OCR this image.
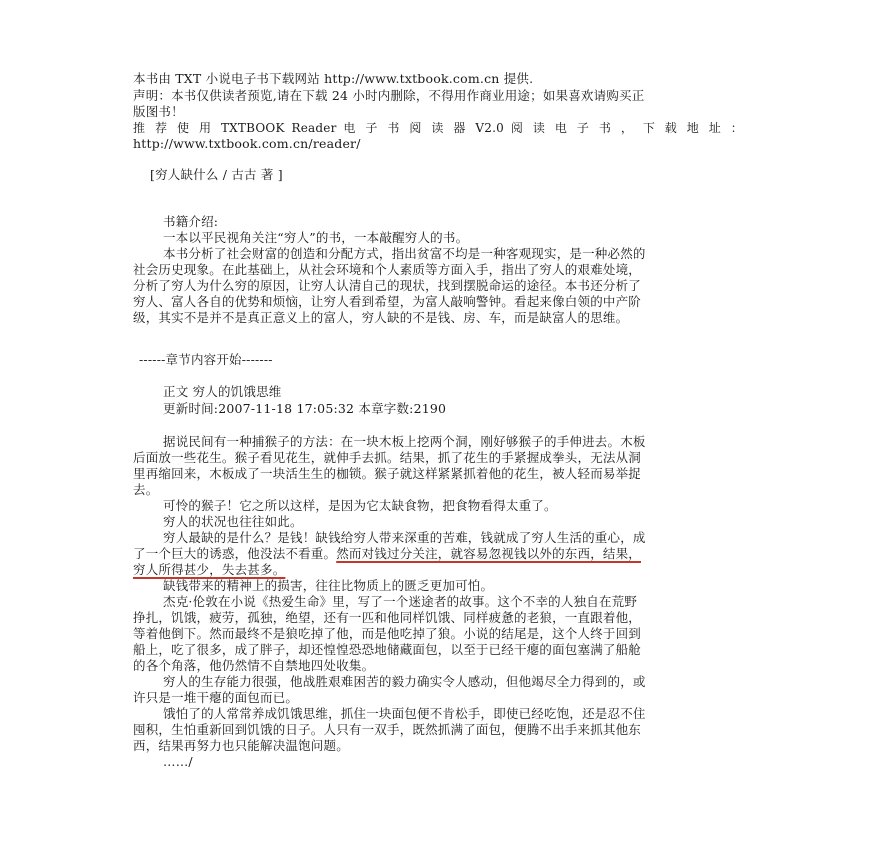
本书由 TXT 小说电子书下载网站 http://www.txtbook.com.cn 提供.
声明：本书仅供读者预览,请在下载 24 小时内删除，不得用作商业用途；如果喜欢请购买正
版图书！
推 荐 使 用 TXTBOOK Reader 电 子 书 阅 读 器 V2.0 阅 读 电 子 书 ， 下 载 地 址 ：
http://www.txtbook.com.cn/reader/
[穷人缺什么 / 古古 著 ]
书籍介绍:
一本以平民视角关注“穷人”的书，一本敲醒穷人的书。
本书分析了社会财富的创造和分配方式，指出贫富不均是一种客观现实，是一种必然的
社会历史现象。在此基础上，从社会环境和个人素质等方面入手，指出了穷人的艰难处境，
分析了穷人为什么穷的原因，让穷人认清自己的现状，找到摆脱命运的途径。本书还分析了
穷人、富人各自的优势和烦恼，让穷人看到希望，为富人敲响警钟。看起来像白领的中产阶
级，其实不是并不是真正意义上的富人，穷人缺的不是钱、房、车，而是缺富人的思维。
------章节内容开始-------
正文 穷人的饥饿思维
更新时间:2007-11-18 17:05:32 本章字数:2190
据说民间有一种捕猴子的方法：在一块木板上挖两个洞，刚好够猴子的手伸进去。木板
后面放一些花生。猴子看见花生，就伸手去抓。结果，抓了花生的手紧握成拳头，无法从洞
里再缩回来，木板成了一块活生生的枷锁。猴子就这样紧紧抓着他的花生，被人轻而易举捉
去。
可怜的猴子！它之所以这样，是因为它太缺食物，把食物看得太重了。
穷人的状况也往往如此。
穷人最缺的是什么？是钱！缺钱给穷人带来深重的苦难，钱就成了穷人生活的重心，成
了一个巨大的诱惑，他没法不看重。然而对钱过分关注，就容易忽视钱以外的东西，结果，
穷人所得甚少，失去甚多。
缺钱带来的精神上的损害，往往比物质上的匮乏更加可怕。
杰克·伦敦在小说《热爱生命》里，写了一个迷途者的故事。这个不幸的人独自在荒野
挣扎，饥饿，疲劳，孤独，绝望，还有一匹和他同样饥饿、同样疲惫的老狼，一直跟着他，
等着他倒下。然而最终不是狼吃掉了他，而是他吃掉了狼。小说的结尾是，这个人终于回到
船上，吃了很多，成了胖子，却还惶惶恐恐地储藏面包，以至于已经干瘪的面包塞满了船舱
的各个角落，他仍然情不自禁地四处收集。
穷人的生存能力很强，他战胜艰难困苦的毅力确实令人感动，但他竭尽全力得到的，或
许只是一堆干瘪的面包而已。
饿怕了的人常常养成饥饿思维，抓住一块面包便不肯松手，即使已经吃饱，还是忍不住
囤积，生怕重新回到饥饿的日子。人只有一双手，既然抓满了面包，便腾不出手来抓其他东
西，结果再努力也只能解决温饱问题。
……/
